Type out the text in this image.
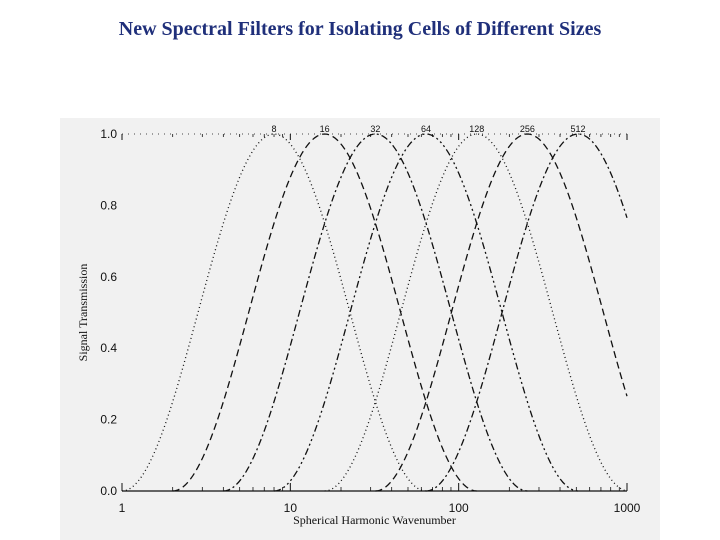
New Spectral Filters for Isolating Cells of Different Sizes
1	10	100	1000
0.0
0.2
0.4
0.6
0.8
1.0
Spherical Harmonic Wavenumber
Signal Transmission
8	16	32	64	128	256	512
